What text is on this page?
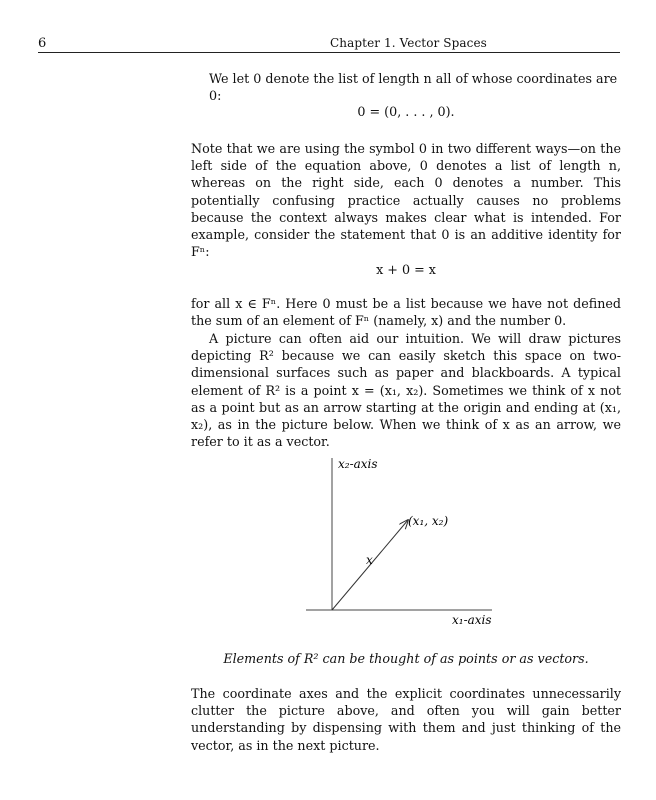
6	Chapter 1. Vector Spaces
We let 0 denote the list of length n all of whose coordinates are 0:
0 = (0, . . . , 0).
Note that we are using the symbol 0 in two different ways—on the left side of the equation above, 0 denotes a list of length n, whereas on the right side, each 0 denotes a number. This potentially confusing practice actually causes no problems because the context always makes clear what is intended. For example, consider the statement that 0 is an additive identity for Fⁿ:
x + 0 = x
for all x ∈ Fⁿ. Here 0 must be a list because we have not defined the sum of an element of Fⁿ (namely, x) and the number 0.
A picture can often aid our intuition. We will draw pictures depicting R² because we can easily sketch this space on two-dimensional surfaces such as paper and blackboards. A typical element of R² is a point x = (x₁, x₂). Sometimes we think of x not as a point but as an arrow starting at the origin and ending at (x₁, x₂), as in the picture below. When we think of x as an arrow, we refer to it as a vector.
x₂-axis
x₁-axis
(x₁, x₂)
x
Elements of R² can be thought of as points or as vectors.
The coordinate axes and the explicit coordinates unnecessarily clutter the picture above, and often you will gain better understanding by dispensing with them and just thinking of the vector, as in the next picture.
